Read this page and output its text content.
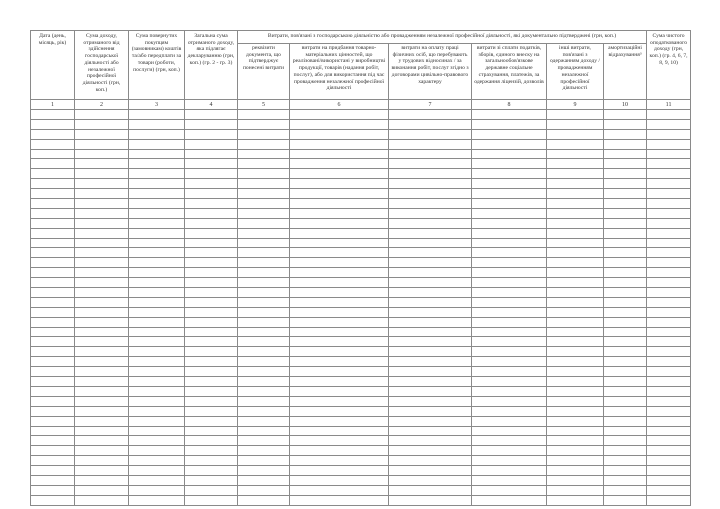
Дата (день, місяць, рік)	Сума доходу, отриманого від здійснення господарської діяльності або незалежної професійної діяльності (грн, коп.)	Сума повернутих покупцям (замовникам) коштів та/або передплати за товари (роботи, послуги) (грн, коп.)	Загальна сума отриманого доходу, яка підлягає декларуванню (грн, коп.) (гр. 2 - гр. 3)	Витрати, пов'язані з господарською діяльністю або провадженням незалежної професійної діяльності, які документально підтверджені (грн, коп.)						Сума чистого оподаткованого доходу (грн, коп.) (гр. 4, 6, 7, 8, 9, 10)
				реквізити документа, що підтверджує понесені витрати	витрати на придбання товарно-матеріальних цінностей, що реалізовані/використані у виробництві продукції, товарів (надання робіт, послуг), або для використання під час провадження незалежної професійної діяльності	витрати на оплату праці фізичних осіб, що перебувають у трудових відносинах / за виконання робіт, послуг згідно з договорами цивільно-правового характеру	витрати зі сплати податків, зборів, єдиного внеску на загальнообов'язкове державне соціальне страхування, платежів, за одержання ліцензій, дозволів	інші витрати, пов'язані з одержанням доходу / провадженням незалежної професійної діяльності	амортизаційні відрахування³	
1	2	3	4	5	6	7	8	9	10	11
